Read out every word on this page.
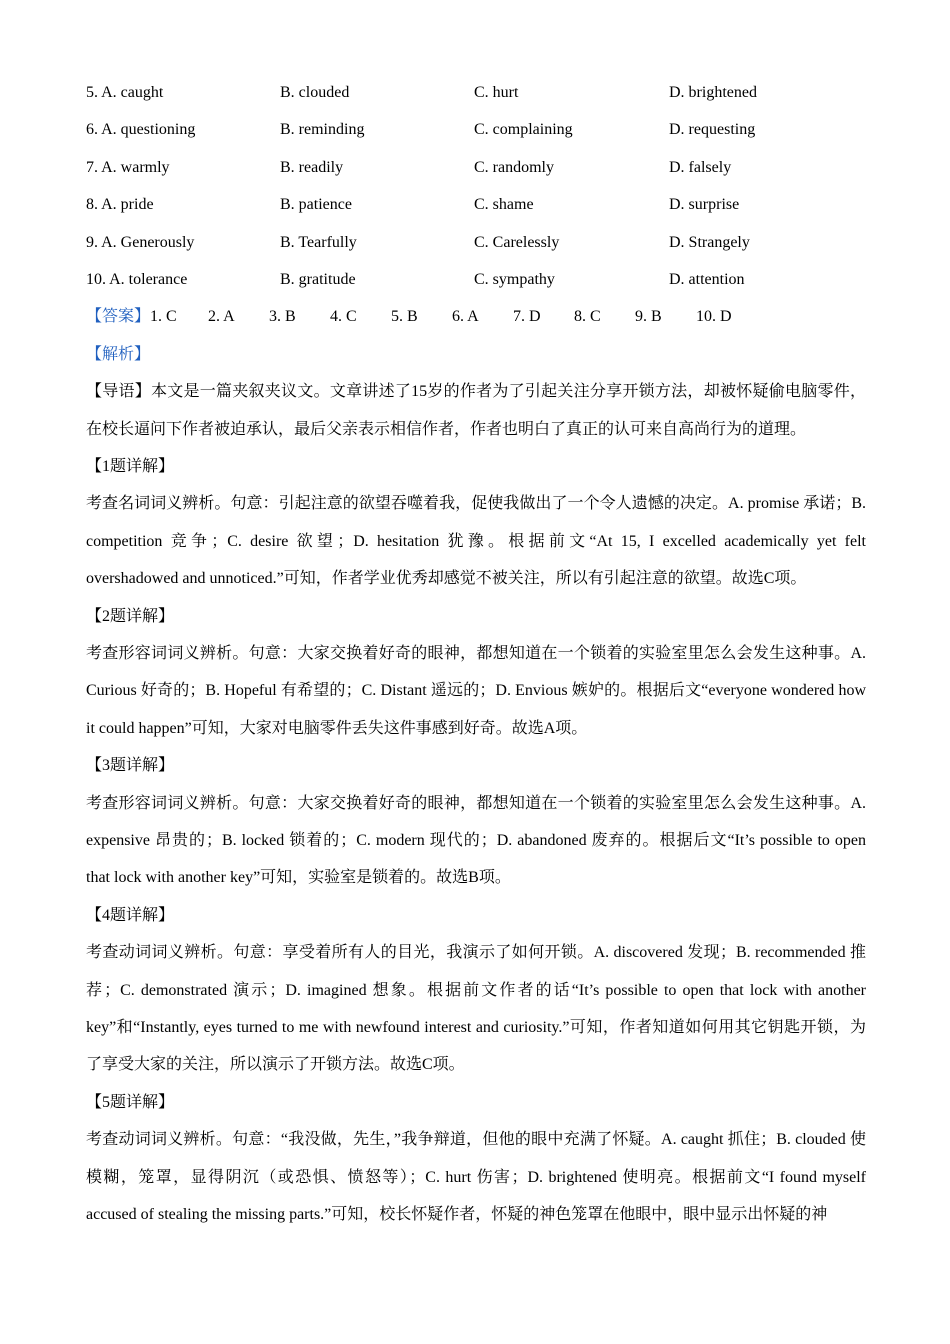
5. A. caught	B. clouded	C. hurt	D. brightened
6. A. questioning	B. reminding	C. complaining	D. requesting
7. A. warmly	B. readily	C. randomly	D. falsely
8. A. pride	B. patience	C. shame	D. surprise
9. A. Generously	B. Tearfully	C. Carelessly	D. Strangely
10. A. tolerance	B. gratitude	C. sympathy	D. attention
【答案】1. C 2. A 3. B 4. C 5. B 6. A 7. D 8. C 9. B 10. D
【解析】
【导语】本文是一篇夹叙夹议文。文章讲述了15岁的作者为了引起关注分享开锁方法，却被怀疑偷电脑零件，在校长逼问下作者被迫承认，最后父亲表示相信作者，作者也明白了真正的认可来自高尚行为的道理。
【1题详解】
考查名词词义辨析。句意：引起注意的欲望吞噬着我，促使我做出了一个令人遗憾的决定。A. promise 承诺；B. competition 竞争；C. desire 欲望；D. hesitation 犹豫。根据前文“At 15, I excelled academically yet felt overshadowed and unnoticed.”可知，作者学业优秀却感觉不被关注，所以有引起注意的欲望。故选C项。
【2题详解】
考查形容词词义辨析。句意：大家交换着好奇的眼神，都想知道在一个锁着的实验室里怎么会发生这种事。A. Curious 好奇的；B. Hopeful 有希望的；C. Distant 遥远的；D. Envious 嫉妒的。根据后文“everyone wondered how it could happen”可知，大家对电脑零件丢失这件事感到好奇。故选A项。
【3题详解】
考查形容词词义辨析。句意：大家交换着好奇的眼神，都想知道在一个锁着的实验室里怎么会发生这种事。A. expensive 昂贵的；B. locked 锁着的；C. modern 现代的；D. abandoned 废弃的。根据后文“It’s possible to open that lock with another key”可知，实验室是锁着的。故选B项。
【4题详解】
考查动词词义辨析。句意：享受着所有人的目光，我演示了如何开锁。A. discovered 发现；B. recommended 推荐；C. demonstrated 演示；D. imagined 想象。根据前文作者的话“It’s possible to open that lock with another key”和“Instantly, eyes turned to me with newfound interest and curiosity.”可知，作者知道如何用其它钥匙开锁，为了享受大家的关注，所以演示了开锁方法。故选C项。
【5题详解】
考查动词词义辨析。句意：“我没做，先生，”我争辩道，但他的眼中充满了怀疑。A. caught 抓住；B. clouded 使模糊，笼罩，显得阴沉（或恐惧、愤怒等）；C. hurt 伤害；D. brightened 使明亮。根据前文“I found myself accused of stealing the missing parts.”可知，校长怀疑作者，怀疑的神色笼罩在他眼中，眼中显示出怀疑的神
